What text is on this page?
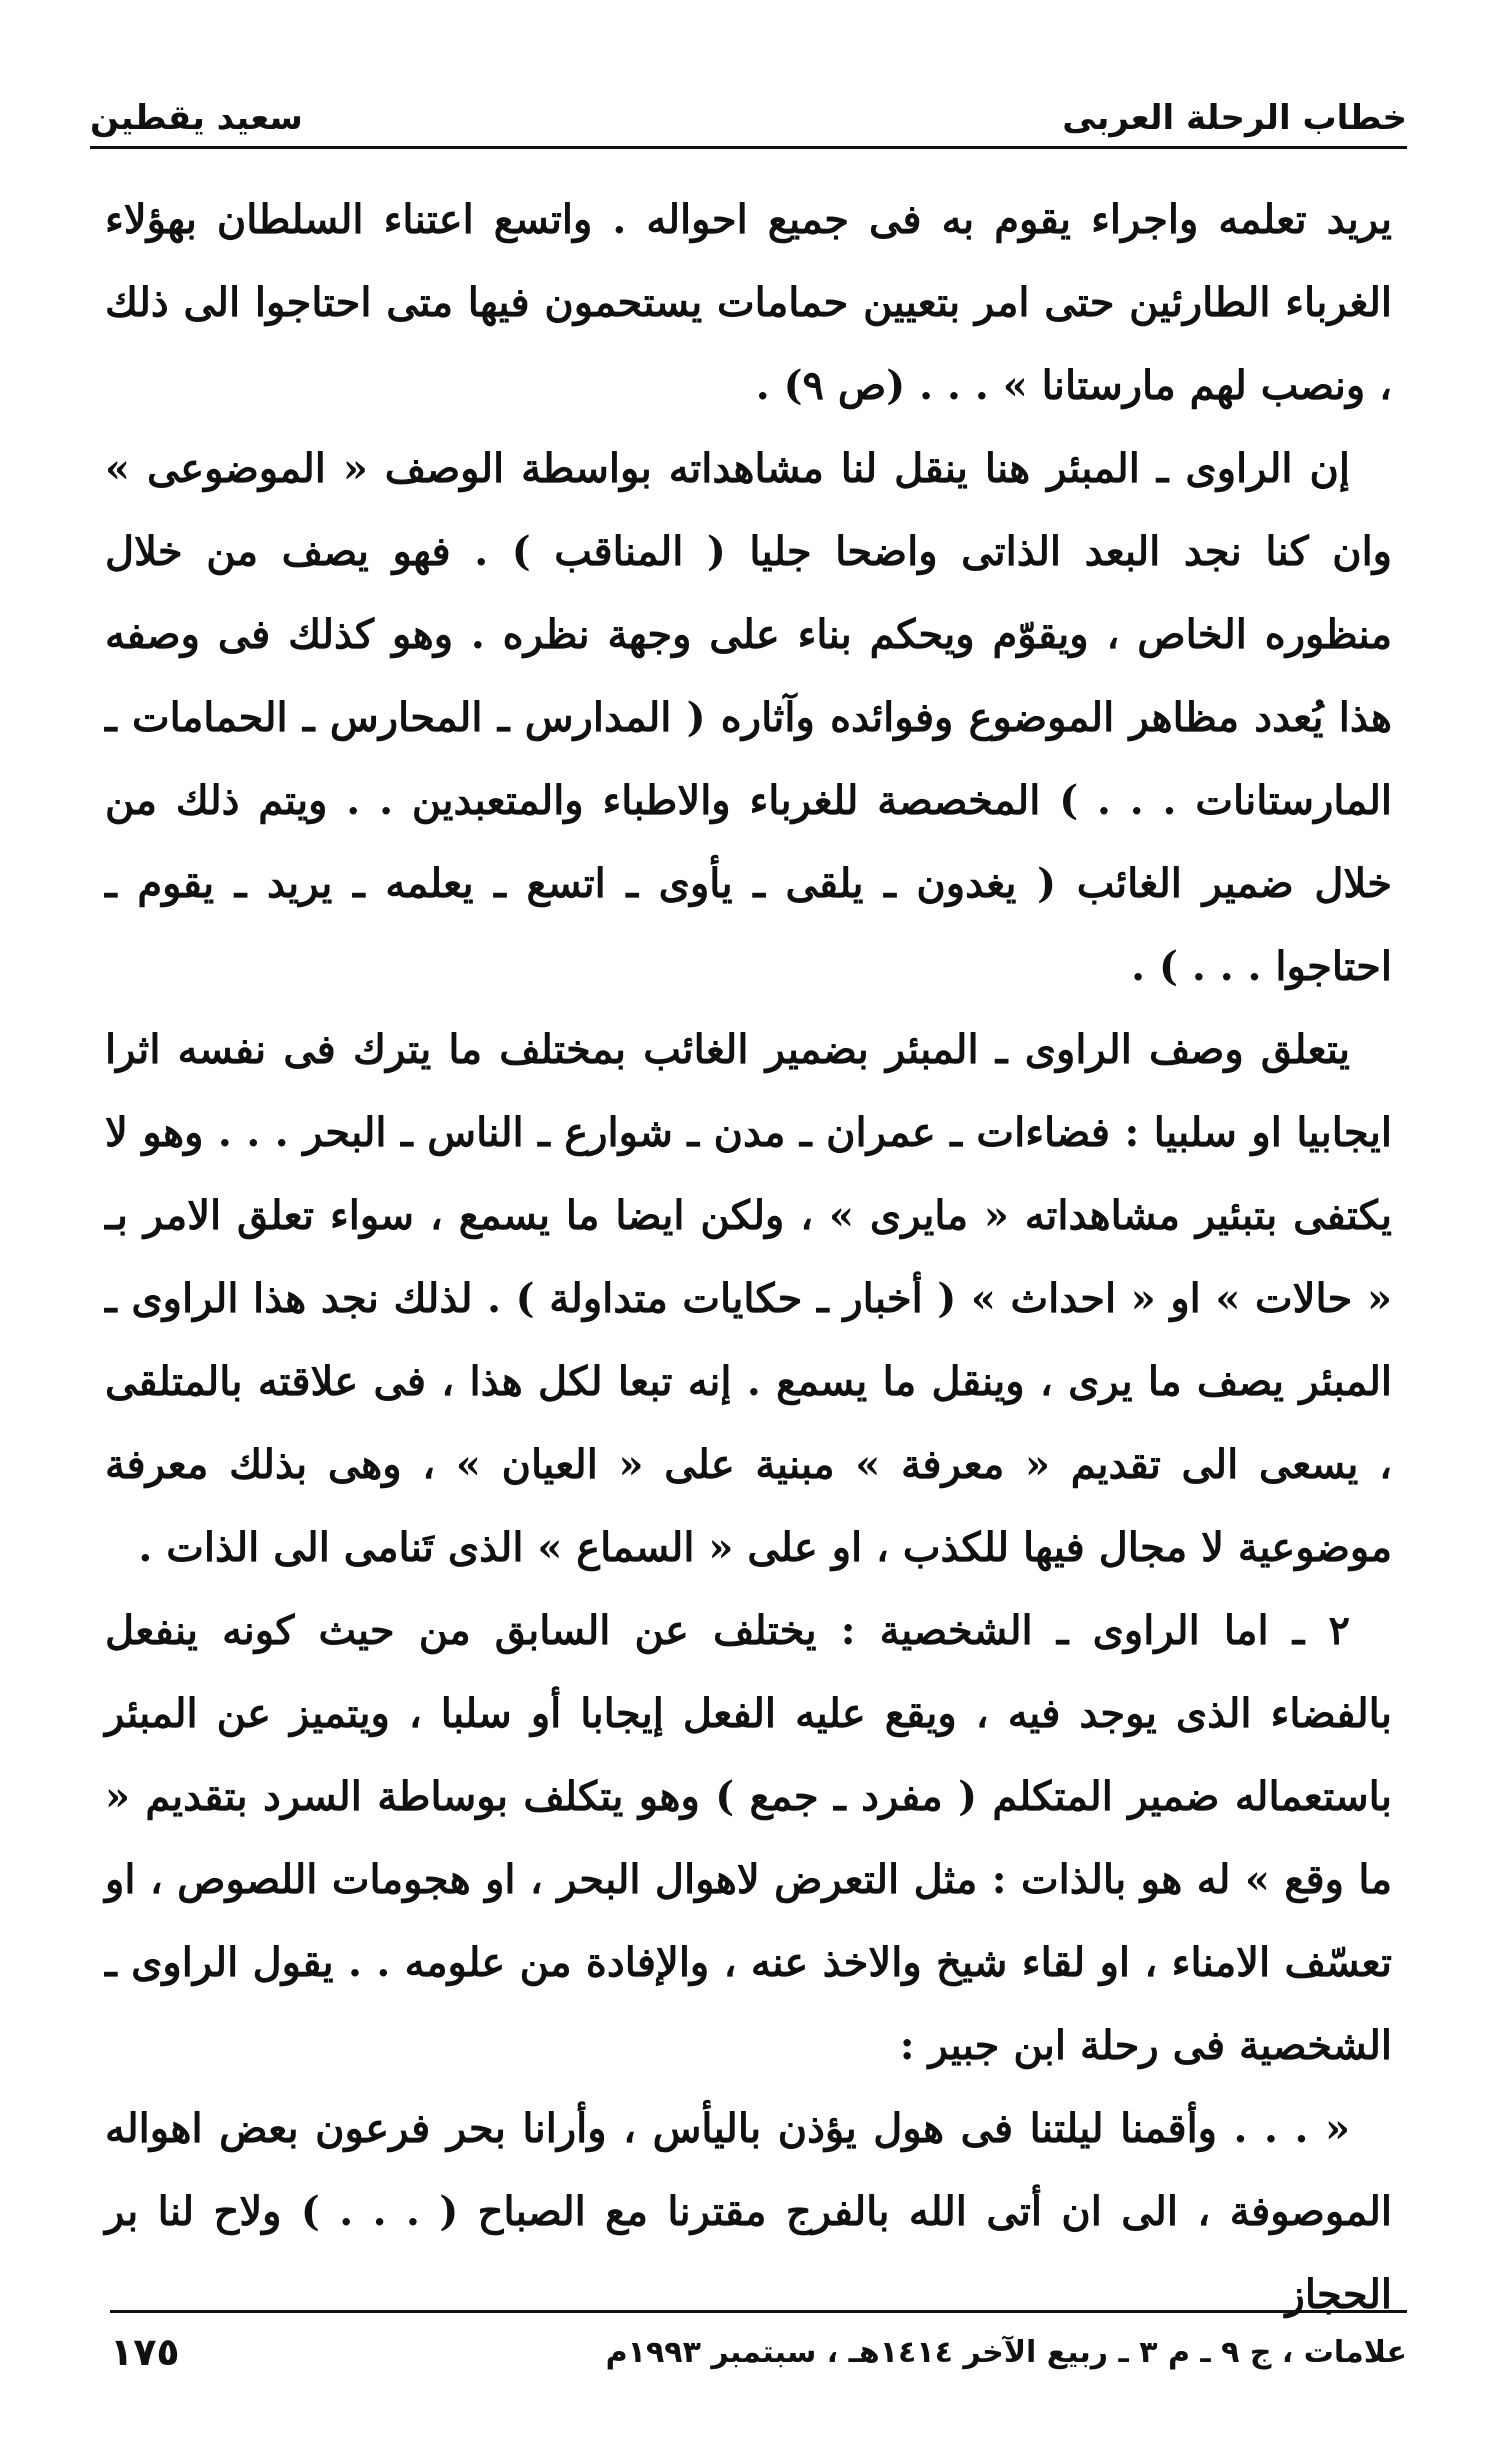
خطاب الرحلة العربى
سعيد يقطين

يريد تعلمه واجراء يقوم به فى جميع احواله . واتسع اعتناء السلطان بهؤلاء الغرباء الطارئين حتى امر بتعيين حمامات يستحمون فيها متى احتاجوا الى ذلك ، ونصب لهم مارستانا » . . . (ص ٩) .

إن الراوى ـ المبئر هنا ينقل لنا مشاهداته بواسطة الوصف « الموضوعى » وان كنا نجد البعد الذاتى واضحا جليا ( المناقب ) . فهو يصف من خلال منظوره الخاص ، ويقوّم ويحكم بناء على وجهة نظره . وهو كذلك فى وصفه هذا يُعدد مظاهر الموضوع وفوائده وآثاره ( المدارس ـ المحارس ـ الحمامات ـ المارستانات . . . ) المخصصة للغرباء والاطباء والمتعبدين . . ويتم ذلك من خلال ضمير الغائب ( يغدون ـ يلقى ـ يأوى ـ اتسع ـ يعلمه ـ يريد ـ يقوم ـ احتاجوا . . . ) .

يتعلق وصف الراوى ـ المبئر بضمير الغائب بمختلف ما يترك فى نفسه اثرا ايجابيا او سلبيا : فضاءات ـ عمران ـ مدن ـ شوارع ـ الناس ـ البحر . . . وهو لا يكتفى بتبئير مشاهداته « مايرى » ، ولكن ايضا ما يسمع ، سواء تعلق الامر بـ « حالات » او « احداث » ( أخبار ـ حكايات متداولة ) . لذلك نجد هذا الراوى ـ المبئر يصف ما يرى ، وينقل ما يسمع . إنه تبعا لكل هذا ، فى علاقته بالمتلقى ، يسعى الى تقديم « معرفة » مبنية على « العيان » ، وهى بذلك معرفة موضوعية لا مجال فيها للكذب ، او على « السماع » الذى تَنامى الى الذات .

٢ ـ اما الراوى ـ الشخصية : يختلف عن السابق من حيث كونه ينفعل بالفضاء الذى يوجد فيه ، ويقع عليه الفعل إيجابا أو سلبا ، ويتميز عن المبئر باستعماله ضمير المتكلم ( مفرد ـ جمع ) وهو يتكلف بوساطة السرد بتقديم « ما وقع » له هو بالذات : مثل التعرض لاهوال البحر ، او هجومات اللصوص ، او تعسّف الامناء ، او لقاء شيخ والاخذ عنه ، والإفادة من علومه . . يقول الراوى ـ الشخصية فى رحلة ابن جبير :

« . . . وأقمنا ليلتنا فى هول يؤذن باليأس ، وأرانا بحر فرعون بعض اهواله الموصوفة ، الى ان أتى الله بالفرج مقترنا مع الصباح ( . . . ) ولاح لنا بر الحجاز

علامات ، ج ٩ ـ م ٣ ـ ربيع الآخر ١٤١٤هـ ، سبتمبر ١٩٩٣م
١٧٥
